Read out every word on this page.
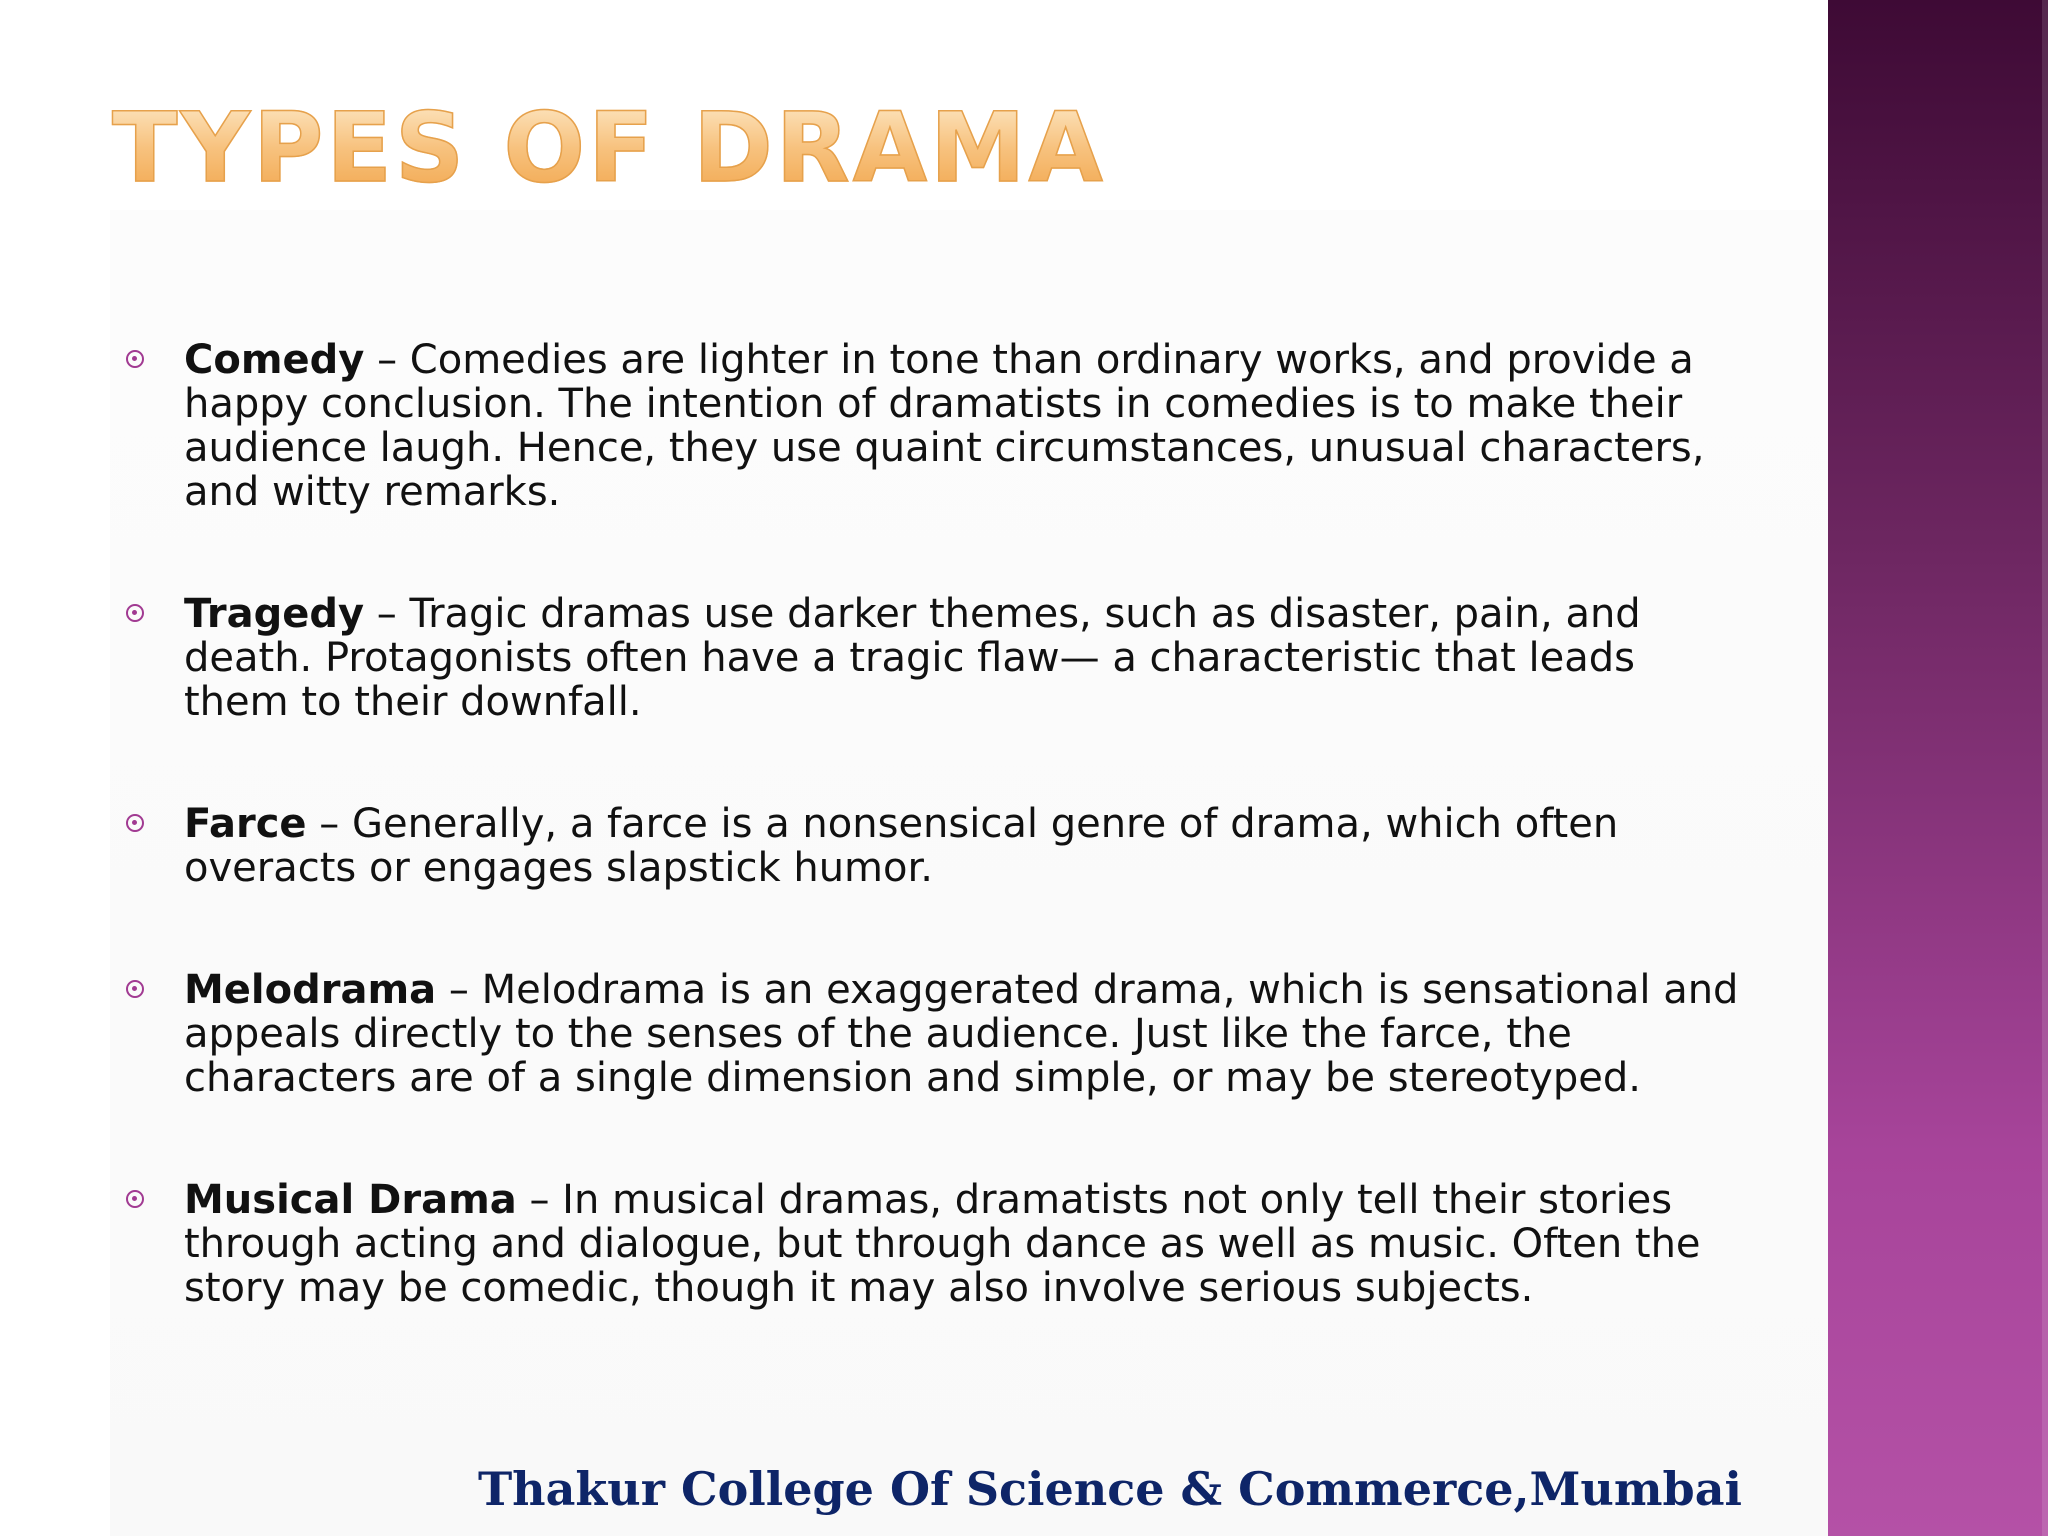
TYPES OF DRAMA
Comedy – Comedies are lighter in tone than ordinary works, and provide a happy conclusion. The intention of dramatists in comedies is to make their audience laugh. Hence, they use quaint circumstances, unusual characters, and witty remarks.
Tragedy – Tragic dramas use darker themes, such as disaster, pain, and death. Protagonists often have a tragic flaw— a characteristic that leads them to their downfall.
Farce – Generally, a farce is a nonsensical genre of drama, which often overacts or engages slapstick humor.
Melodrama – Melodrama is an exaggerated drama, which is sensational and appeals directly to the senses of the audience. Just like the farce, the characters are of a single dimension and simple, or may be stereotyped.
Musical Drama – In musical dramas, dramatists not only tell their stories through acting and dialogue, but through dance as well as music. Often the story may be comedic, though it may also involve serious subjects.
Thakur College Of Science & Commerce,Mumbai
